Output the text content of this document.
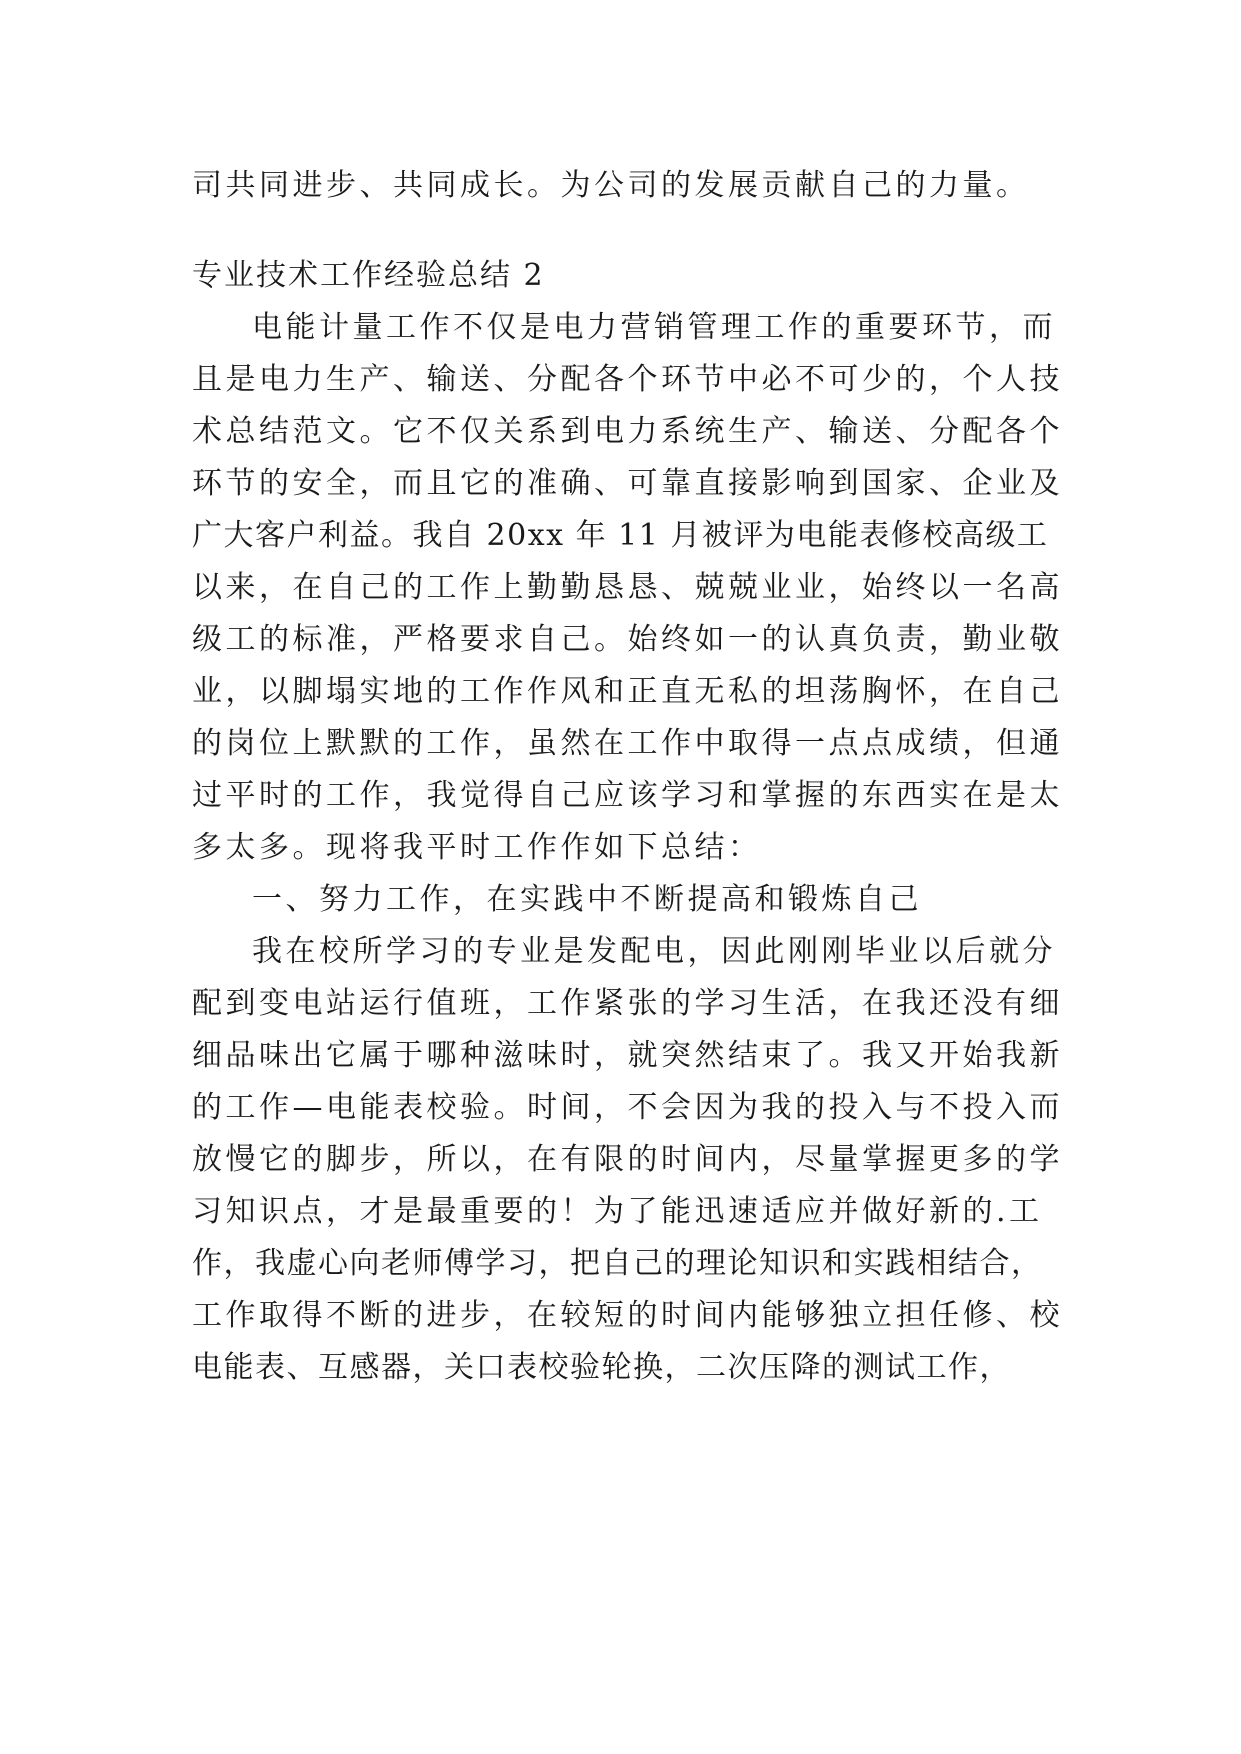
司共同进步、共同成长。为公司的发展贡献自己的力量。
专业技术工作经验总结 2
电能计量工作不仅是电力营销管理工作的重要环节，而
且是电力生产、输送、分配各个环节中必不可少的，个人技
术总结范文。它不仅关系到电力系统生产、输送、分配各个
环节的安全，而且它的准确、可靠直接影响到国家、企业及
广大客户利益。我自 20xx 年 11 月被评为电能表修校高级工
以来，在自己的工作上勤勤恳恳、兢兢业业，始终以一名高
级工的标准，严格要求自己。始终如一的认真负责，勤业敬
业，以脚塌实地的工作作风和正直无私的坦荡胸怀，在自己
的岗位上默默的工作，虽然在工作中取得一点点成绩，但通
过平时的工作，我觉得自己应该学习和掌握的东西实在是太
多太多。现将我平时工作作如下总结：
一、努力工作，在实践中不断提高和锻炼自己
我在校所学习的专业是发配电，因此刚刚毕业以后就分
配到变电站运行值班，工作紧张的学习生活，在我还没有细
细品味出它属于哪种滋味时，就突然结束了。我又开始我新
的工作—电能表校验。时间，不会因为我的投入与不投入而
放慢它的脚步，所以，在有限的时间内，尽量掌握更多的学
习知识点，才是最重要的！为了能迅速适应并做好新的.工
作，我虚心向老师傅学习，把自己的理论知识和实践相结合，
工作取得不断的进步，在较短的时间内能够独立担任修、校
电能表、互感器，关口表校验轮换，二次压降的测试工作，
